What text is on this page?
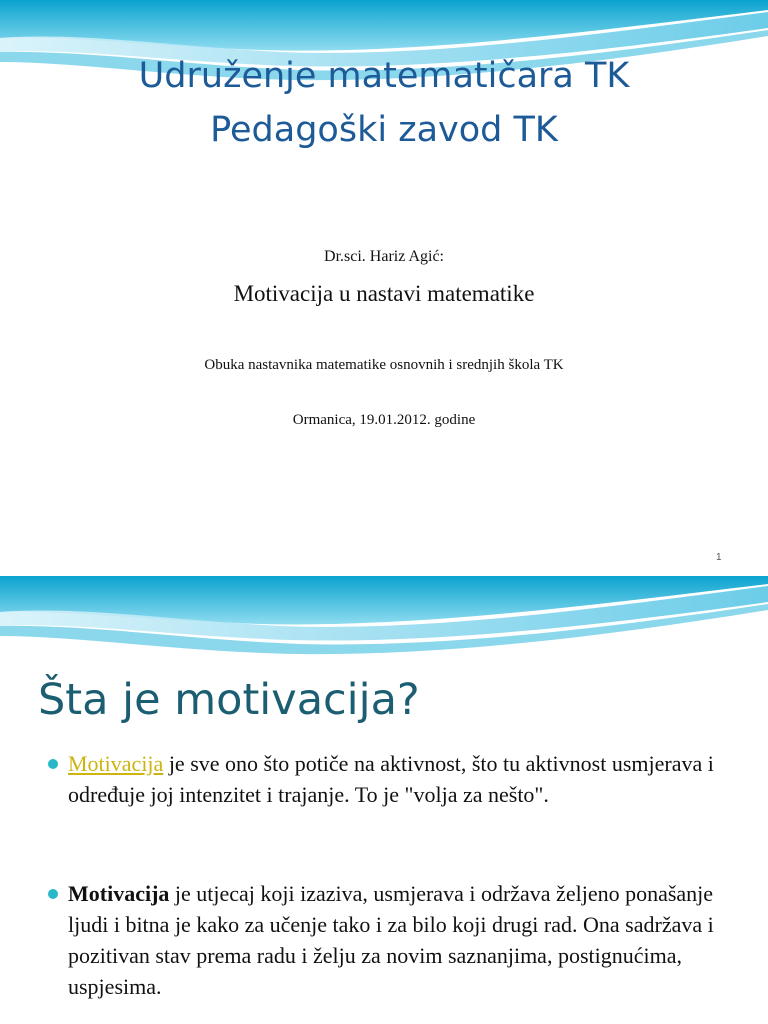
Udruženje matematičara TK
Pedagoški zavod TK
Dr.sci. Hariz Agić:
Motivacija u nastavi matematike
Obuka nastavnika matematike osnovnih i srednjih škola TK
Ormanica, 19.01.2012. godine
1
Šta je motivacija?
Motivacija je sve ono što potiče na aktivnost, što tu aktivnost usmjerava i određuje joj intenzitet i trajanje. To je "volja za nešto".
Motivacija je utjecaj koji izaziva, usmjerava i održava željeno ponašanje ljudi i bitna je kako za učenje tako i za bilo koji drugi rad. Ona sadržava i pozitivan stav prema radu i želju za novim saznanjima, postignućima, uspjesima.
